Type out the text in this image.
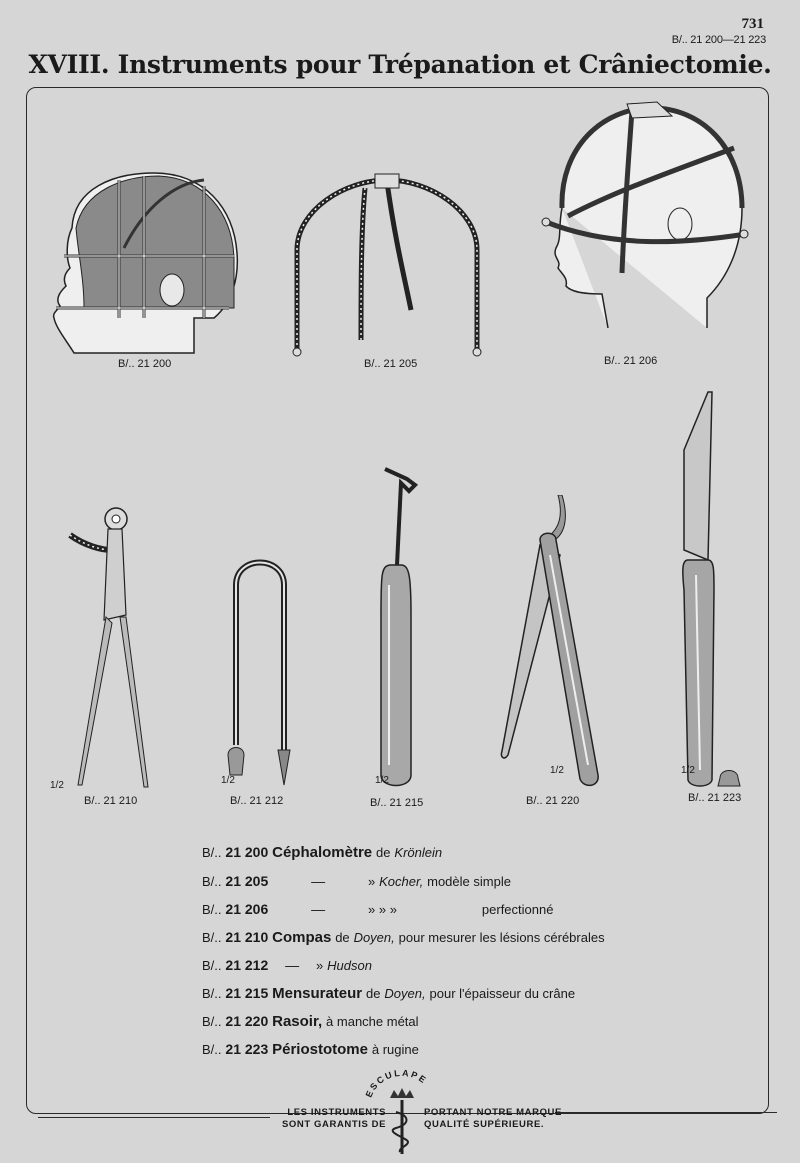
731
B/.. 21 200—21 223
XVIII. Instruments pour Trépanation et Crâniectomie.
B/.. 21 200	B/.. 21 205	B/.. 21 206
1/2
B/.. 21 210
1/2
B/.. 21 212
1/2
B/.. 21 215
1/2
B/.. 21 220
1/2
B/.. 21 223
B/.. 21 200 Céphalomètre de Krönlein
B/.. 21 205	—	» Kocher, modèle simple
B/.. 21 206	—	» » »	perfectionné
B/.. 21 210 Compas de Doyen, pour mesurer les lésions cérébrales
B/.. 21 212 — » Hudson
B/.. 21 215 Mensurateur de Doyen, pour l'épaisseur du crâne
B/.. 21 220 Rasoir, à manche métal
B/.. 21 223 Périostotome à rugine
LES INSTRUMENTS
SONT GARANTIS DE
PORTANT NOTRE MARQUE
QUALITÉ SUPÉRIEURE.
ESCULAPE
